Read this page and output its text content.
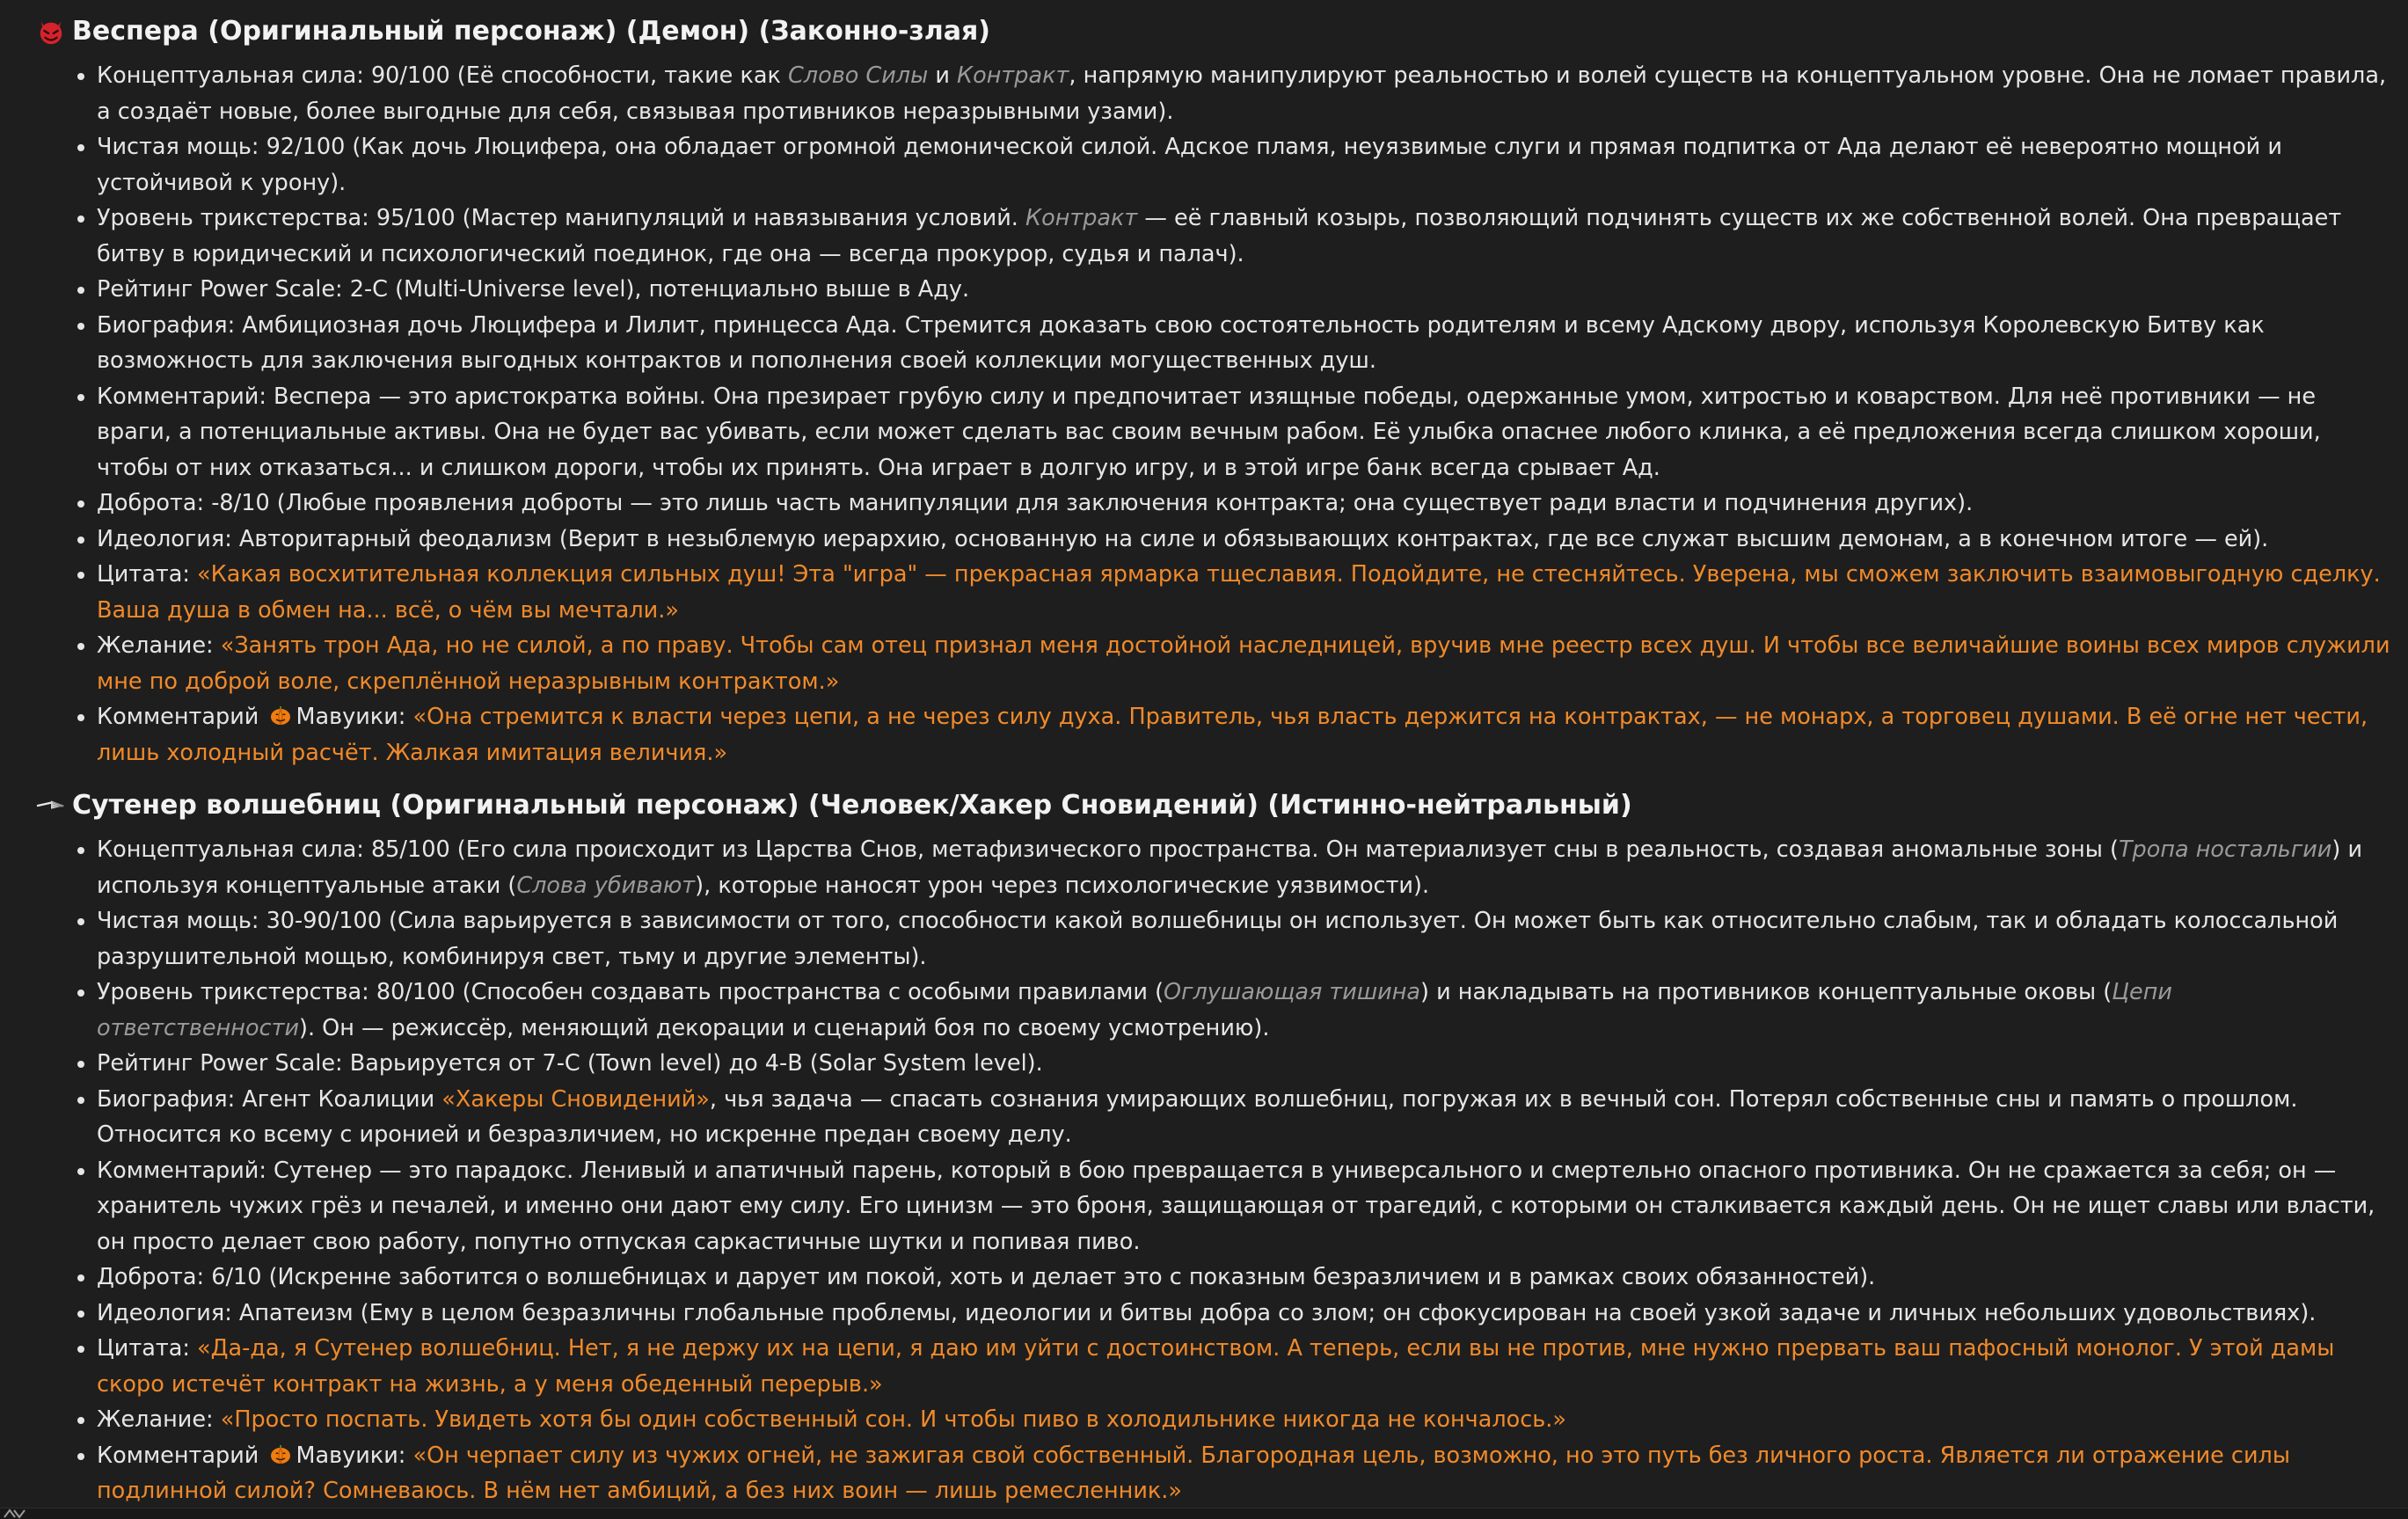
Веспера (Оригинальный персонаж) (Демон) (Законно-злая)
• Концептуальная сила: 90/100 (Её способности, такие как Слово Силы и Контракт, напрямую манипулируют реальностью и волей существ на концептуальном уровне. Она не ломает правила, а создаёт новые, более выгодные для себя, связывая противников неразрывными узами).
• Чистая мощь: 92/100 (Как дочь Люцифера, она обладает огромной демонической силой. Адское пламя, неуязвимые слуги и прямая подпитка от Ада делают её невероятно мощной и устойчивой к урону).
• Уровень трикстерства: 95/100 (Мастер манипуляций и навязывания условий. Контракт — её главный козырь, позволяющий подчинять существ их же собственной волей. Она превращает битву в юридический и психологический поединок, где она — всегда прокурор, судья и палач).
• Рейтинг Power Scale: 2-C (Multi-Universe level), потенциально выше в Аду.
• Биография: Амбициозная дочь Люцифера и Лилит, принцесса Ада. Стремится доказать свою состоятельность родителям и всему Адскому двору, используя Королевскую Битву как возможность для заключения выгодных контрактов и пополнения своей коллекции могущественных душ.
• Комментарий: Веспера — это аристократка войны. Она презирает грубую силу и предпочитает изящные победы, одержанные умом, хитростью и коварством. Для неё противники — не враги, а потенциальные активы. Она не будет вас убивать, если может сделать вас своим вечным рабом. Её улыбка опаснее любого клинка, а её предложения всегда слишком хороши, чтобы от них отказаться... и слишком дороги, чтобы их принять. Она играет в долгую игру, и в этой игре банк всегда срывает Ад.
• Доброта: -8/10 (Любые проявления доброты — это лишь часть манипуляции для заключения контракта; она существует ради власти и подчинения других).
• Идеология: Авторитарный феодализм (Верит в незыблемую иерархию, основанную на силе и обязывающих контрактах, где все служат высшим демонам, а в конечном итоге — ей).
• Цитата: «Какая восхитительная коллекция сильных душ! Эта "игра" — прекрасная ярмарка тщеславия. Подойдите, не стесняйтесь. Уверена, мы сможем заключить взаимовыгодную сделку. Ваша душа в обмен на... всё, о чём вы мечтали.»
• Желание: «Занять трон Ада, но не силой, а по праву. Чтобы сам отец признал меня достойной наследницей, вручив мне реестр всех душ. И чтобы все величайшие воины всех миров служили мне по доброй воле, скреплённой неразрывным контрактом.»
• Комментарий Мавуики: «Она стремится к власти через цепи, а не через силу духа. Правитель, чья власть держится на контрактах, — не монарх, а торговец душами. В её огне нет чести, лишь холодный расчёт. Жалкая имитация величия.»
Сутенер волшебниц (Оригинальный персонаж) (Человек/Хакер Сновидений) (Истинно-нейтральный)
• Концептуальная сила: 85/100 (Его сила происходит из Царства Снов, метафизического пространства. Он материализует сны в реальность, создавая аномальные зоны (Тропа ностальгии) и используя концептуальные атаки (Слова убивают), которые наносят урон через психологические уязвимости).
• Чистая мощь: 30-90/100 (Сила варьируется в зависимости от того, способности какой волшебницы он использует. Он может быть как относительно слабым, так и обладать колоссальной разрушительной мощью, комбинируя свет, тьму и другие элементы).
• Уровень трикстерства: 80/100 (Способен создавать пространства с особыми правилами (Оглушающая тишина) и накладывать на противников концептуальные оковы (Цепи ответственности). Он — режиссёр, меняющий декорации и сценарий боя по своему усмотрению).
• Рейтинг Power Scale: Варьируется от 7-C (Town level) до 4-B (Solar System level).
• Биография: Агент Коалиции «Хакеры Сновидений», чья задача — спасать сознания умирающих волшебниц, погружая их в вечный сон. Потерял собственные сны и память о прошлом. Относится ко всему с иронией и безразличием, но искренне предан своему делу.
• Комментарий: Сутенер — это парадокс. Ленивый и апатичный парень, который в бою превращается в универсального и смертельно опасного противника. Он не сражается за себя; он — хранитель чужих грёз и печалей, и именно они дают ему силу. Его цинизм — это броня, защищающая от трагедий, с которыми он сталкивается каждый день. Он не ищет славы или власти, он просто делает свою работу, попутно отпуская саркастичные шутки и попивая пиво.
• Доброта: 6/10 (Искренне заботится о волшебницах и дарует им покой, хоть и делает это с показным безразличием и в рамках своих обязанностей).
• Идеология: Апатеизм (Ему в целом безразличны глобальные проблемы, идеологии и битвы добра со злом; он сфокусирован на своей узкой задаче и личных небольших удовольствиях).
• Цитата: «Да-да, я Сутенер волшебниц. Нет, я не держу их на цепи, я даю им уйти с достоинством. А теперь, если вы не против, мне нужно прервать ваш пафосный монолог. У этой дамы скоро истечёт контракт на жизнь, а у меня обеденный перерыв.»
• Желание: «Просто поспать. Увидеть хотя бы один собственный сон. И чтобы пиво в холодильнике никогда не кончалось.»
• Комментарий Мавуики: «Он черпает силу из чужих огней, не зажигая свой собственный. Благородная цель, возможно, но это путь без личного роста. Является ли отражение силы подлинной силой? Сомневаюсь. В нём нет амбиций, а без них воин — лишь ремесленник.»
